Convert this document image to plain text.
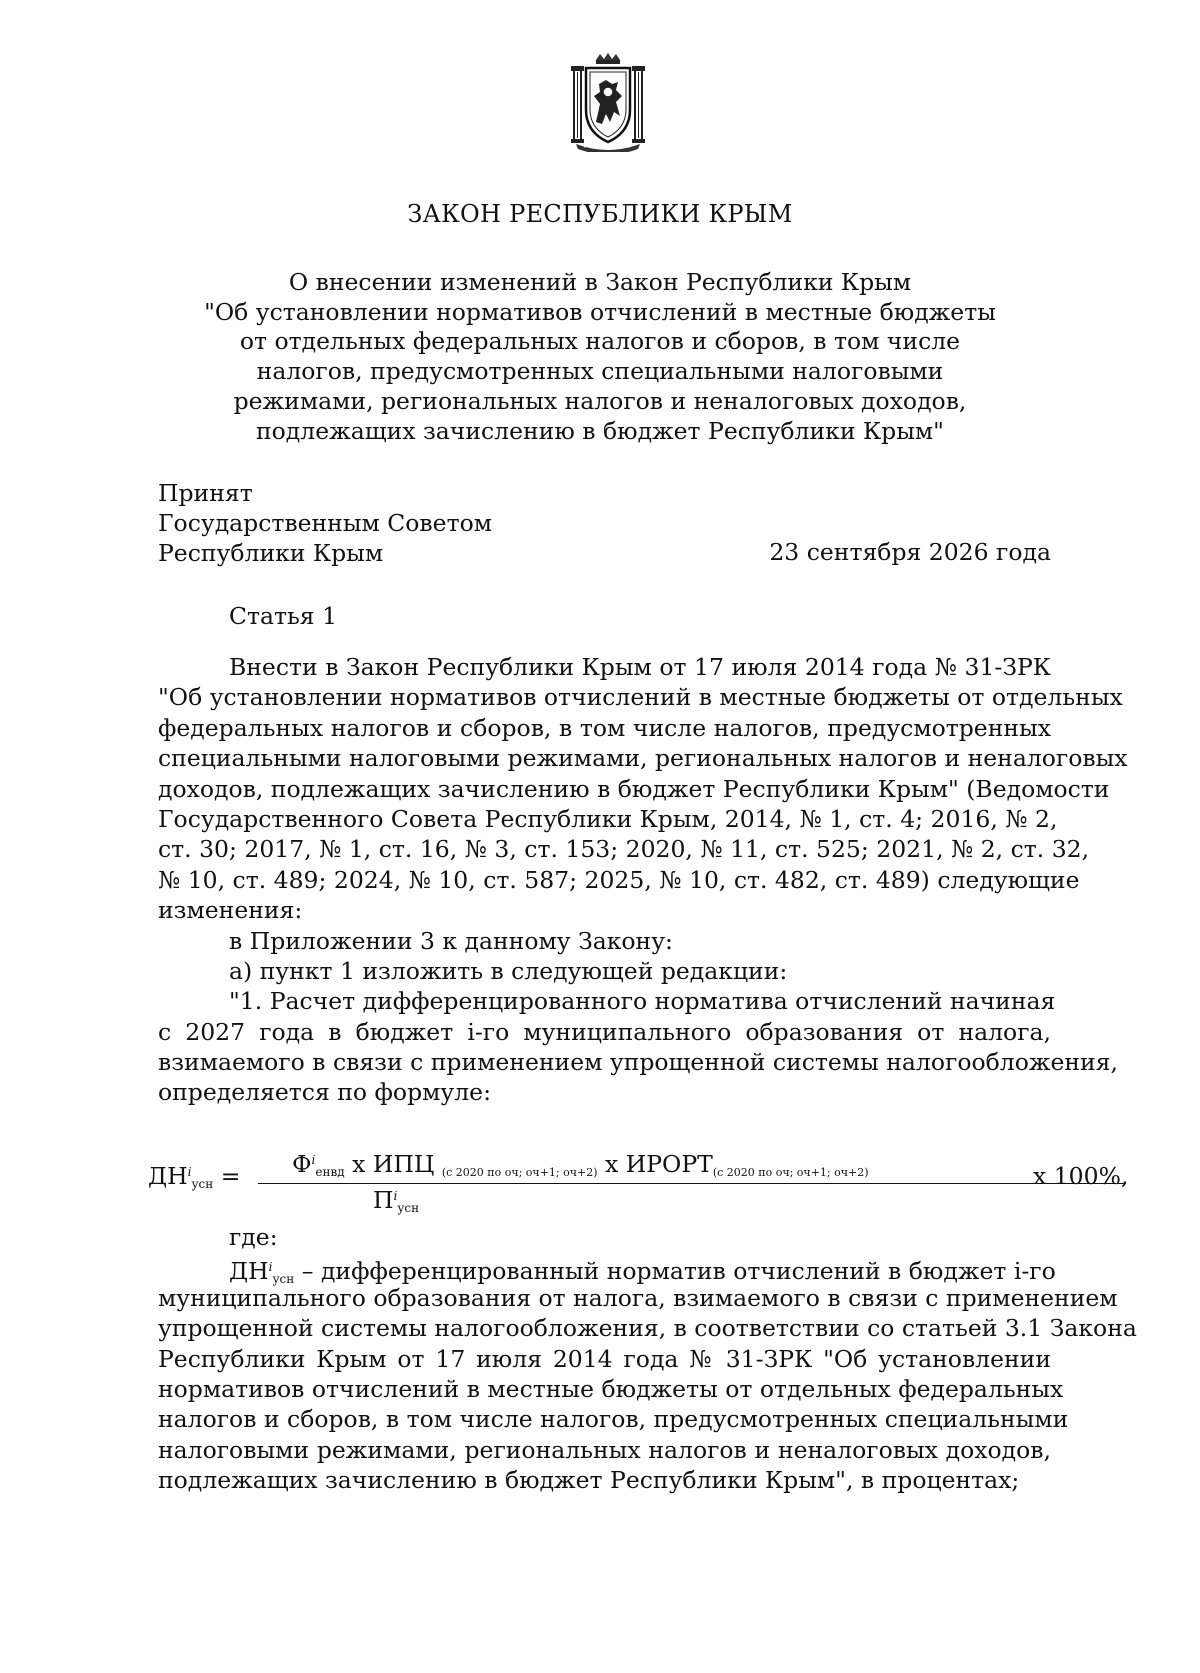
ЗАКОН РЕСПУБЛИКИ КРЫМ
О внесении изменений в Закон Республики Крым
"Об установлении нормативов отчислений в местные бюджеты
от отдельных федеральных налогов и сборов, в том числе
налогов, предусмотренных специальными налоговыми
режимами, региональных налогов и неналоговых доходов,
подлежащих зачислению в бюджет Республики Крым"
Принят
Государственным Советом
Республики Крым	23 сентября 2026 года
Статья 1
Внести в Закон Республики Крым от 17 июля 2014 года № 31-ЗРК
"Об установлении нормативов отчислений в местные бюджеты от отдельных
федеральных налогов и сборов, в том числе налогов, предусмотренных
специальными налоговыми режимами, региональных налогов и неналоговых
доходов, подлежащих зачислению в бюджет Республики Крым" (Ведомости
Государственного Совета Республики Крым, 2014, № 1, ст. 4; 2016, № 2,
ст. 30; 2017, № 1, ст. 16, № 3, ст. 153; 2020, № 11, ст. 525; 2021, № 2, ст. 32,
№ 10, ст. 489; 2024, № 10, ст. 587; 2025, № 10, ст. 482, ст. 489) следующие
изменения:
в Приложении 3 к данному Закону:
а) пункт 1 изложить в следующей редакции:
"1. Расчет дифференцированного норматива отчислений начиная
с 2027 года в бюджет i-го муниципального образования от налога,
взимаемого в связи с применением упрощенной системы налогообложения,
определяется по формуле:
$ДН^i_{усн} = Ф^i_{енвд}$ х ИПЦ (с 2020 по оч; оч+1; оч+2) х ИРОРТ(с 2020 по оч; оч+1; оч+2)
$П^i_{усн}$
х 100%,
где:
$ДН^i_{усн}$ – дифференцированный норматив отчислений в бюджет i-го
муниципального образования от налога, взимаемого в связи с применением
упрощенной системы налогообложения, в соответствии со статьей 3.1 Закона
Республики Крым от 17 июля 2014 года № 31-ЗРК "Об установлении
нормативов отчислений в местные бюджеты от отдельных федеральных
налогов и сборов, в том числе налогов, предусмотренных специальными
налоговыми режимами, региональных налогов и неналоговых доходов,
подлежащих зачислению в бюджет Республики Крым", в процентах;
